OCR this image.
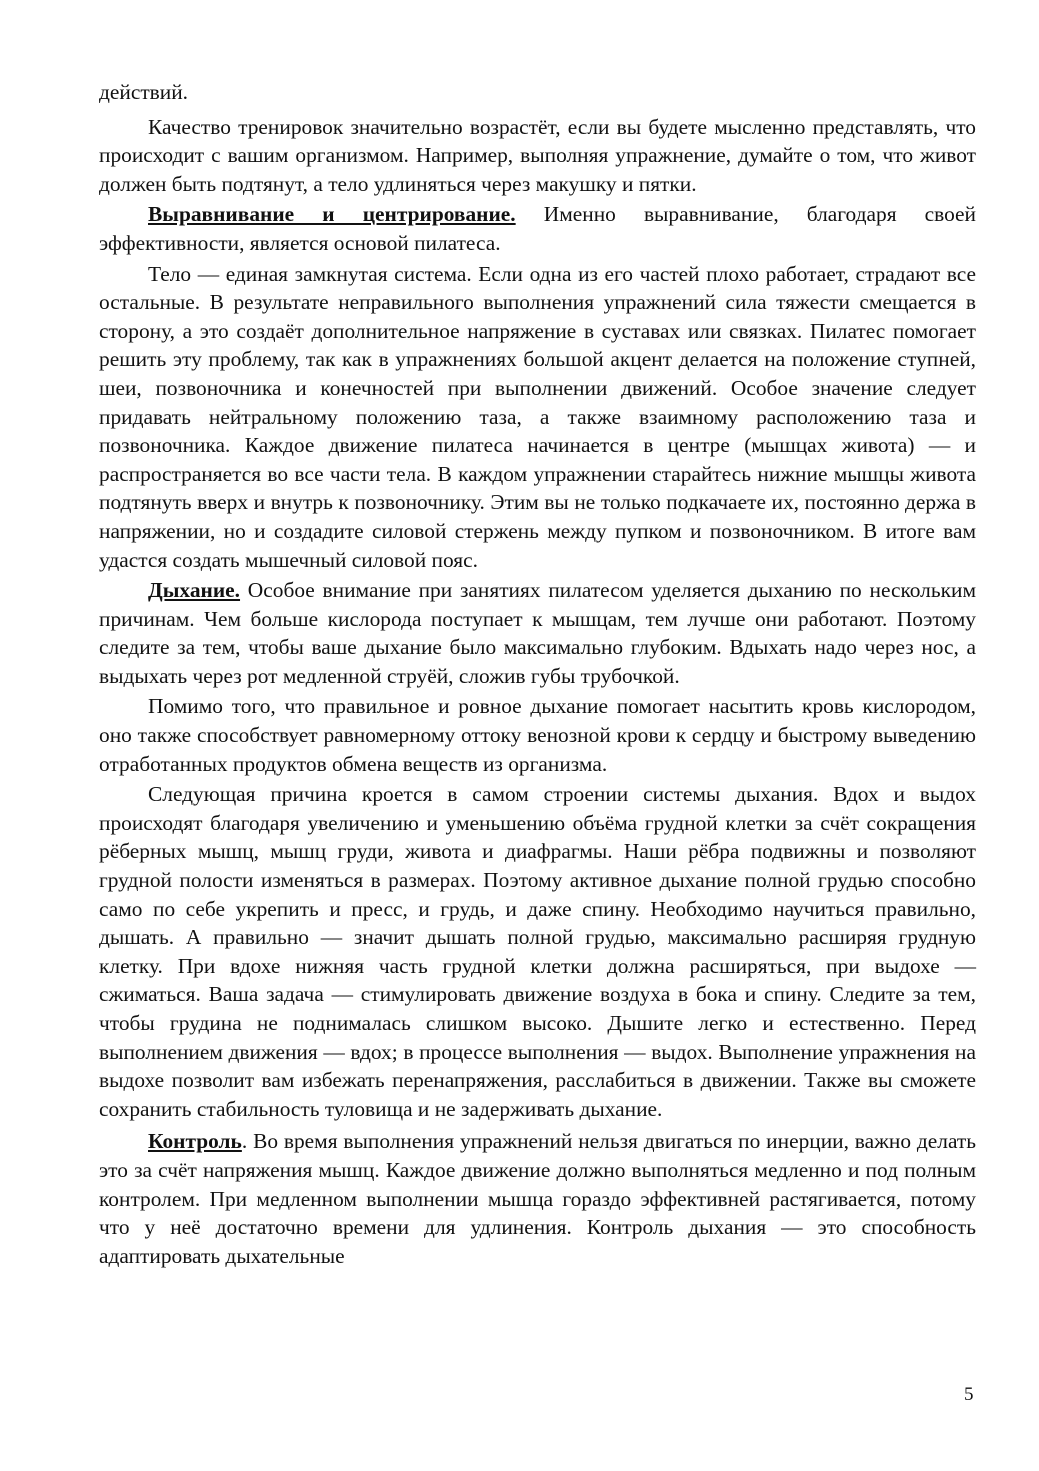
действий.

Качество тренировок значительно возрастёт, если вы будете мысленно представлять, что происходит с вашим организмом. Например, выполняя упражнение, думайте о том, что живот должен быть подтянут, а тело удлиняться через макушку и пятки.

Выравнивание и центрирование. Именно выравнивание, благодаря своей эффективности, является основой пилатеса.

Тело — единая замкнутая система. Если одна из его частей плохо работает, страдают все остальные. В результате неправильного выполнения упражнений сила тяжести смещается в сторону, а это создаёт дополнительное напряжение в суставах или связках. Пилатес помогает решить эту проблему, так как в упражнениях большой акцент делается на положение ступней, шеи, позвоночника и конечностей при выполнении движений. Особое значение следует придавать нейтральному положению таза, а также взаимному расположению таза и позвоночника. Каждое движение пилатеса начинается в центре (мышцах живота) — и распространяется во все части тела. В каждом упражнении старайтесь нижние мышцы живота подтянуть вверх и внутрь к позвоночнику. Этим вы не только подкачаете их, постоянно держа в напряжении, но и создадите силовой стержень между пупком и позвоночником. В итоге вам удастся создать мышечный силовой пояс.

Дыхание. Особое внимание при занятиях пилатесом уделяется дыханию по нескольким причинам. Чем больше кислорода поступает к мышцам, тем лучше они работают. Поэтому следите за тем, чтобы ваше дыхание было максимально глубоким. Вдыхать надо через нос, а выдыхать через рот медленной струёй, сложив губы трубочкой.

Помимо того, что правильное и ровное дыхание помогает насытить кровь кислородом, оно также способствует равномерному оттоку венозной крови к сердцу и быстрому выведению отработанных продуктов обмена веществ из организма.

Следующая причина кроется в самом строении системы дыхания. Вдох и выдох происходят благодаря увеличению и уменьшению объёма грудной клетки за счёт сокращения рёберных мышц, мышц груди, живота и диафрагмы. Наши рёбра подвижны и позволяют грудной полости изменяться в размерах. Поэтому активное дыхание полной грудью способно само по себе укрепить и пресс, и грудь, и даже спину. Необходимо научиться правильно, дышать. А правильно — значит дышать полной грудью, максимально расширяя грудную клетку. При вдохе нижняя часть грудной клетки должна расширяться, при выдохе — сжиматься. Ваша задача — стимулировать движение воздуха в бока и спину. Следите за тем, чтобы грудина не поднималась слишком высоко. Дышите легко и естественно. Перед выполнением движения — вдох; в процессе выполнения — выдох. Выполнение упражнения на выдохе позволит вам избежать перенапряжения, расслабиться в движении. Также вы сможете сохранить стабильность туловища и не задерживать дыхание.

Контроль. Во время выполнения упражнений нельзя двигаться по инерции, важно делать это за счёт напряжения мышц. Каждое движение должно выполняться медленно и под полным контролем. При медленном выполнении мышца гораздо эффективней растягивается, потому что у неё достаточно времени для удлинения. Контроль дыхания — это способность адаптировать дыхательные

5
